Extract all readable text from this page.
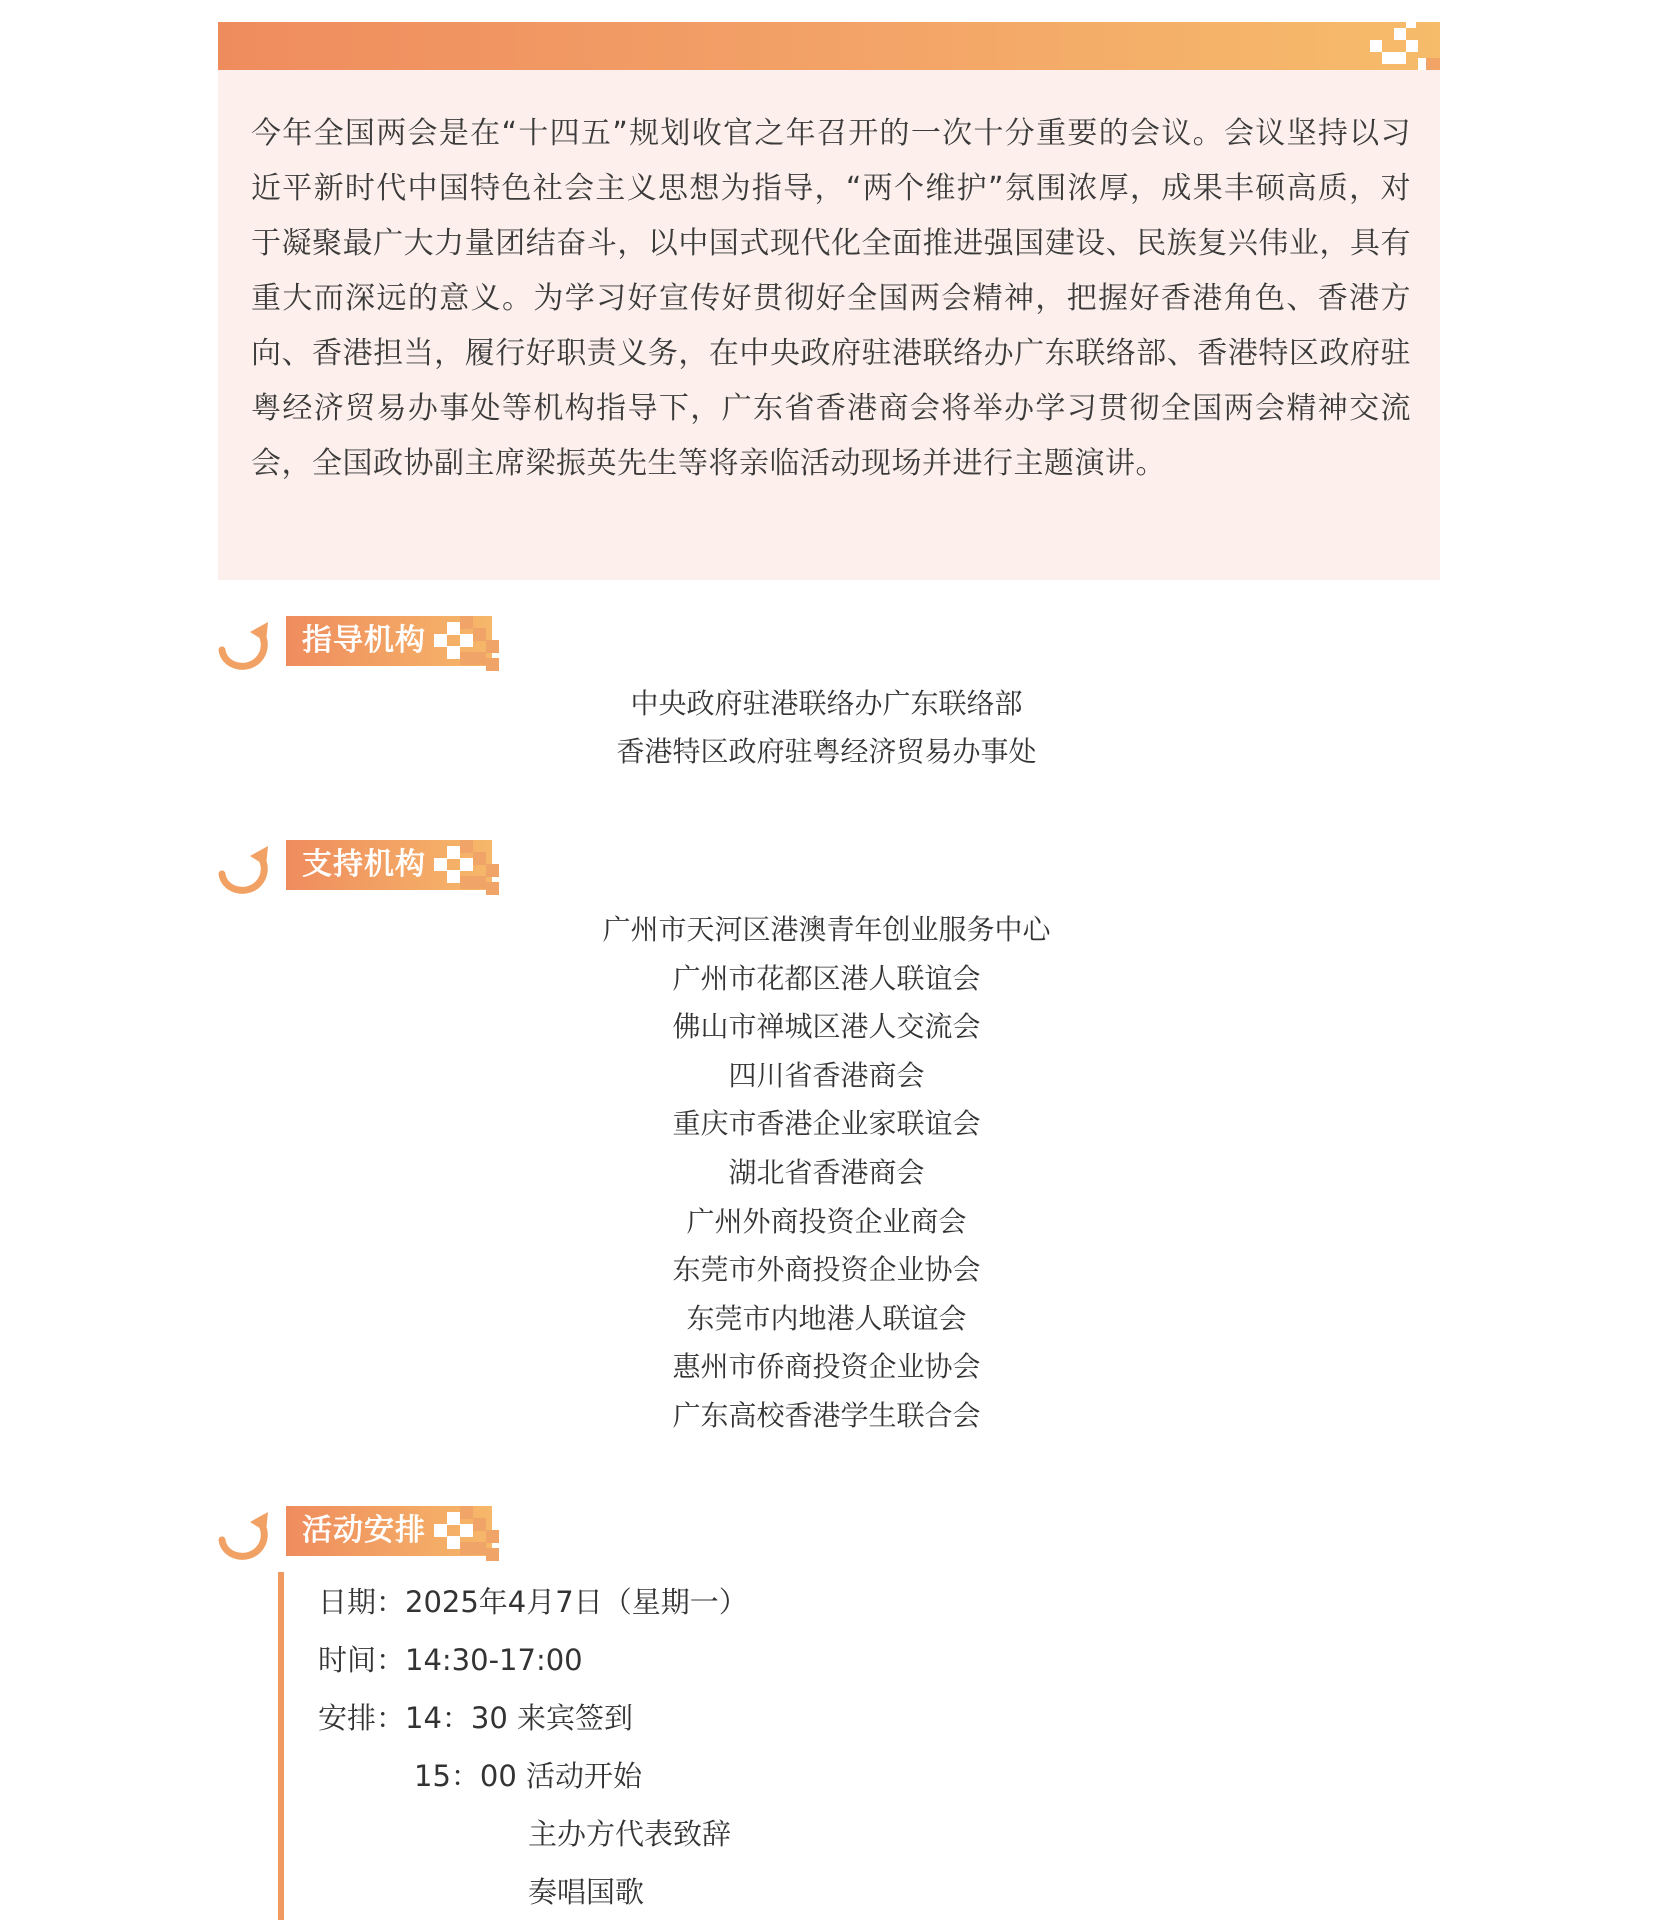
今年全国两会是在“十四五”规划收官之年召开的一次十分重要的会议。会议坚持以习近平新时代中国特色社会主义思想为指导，“两个维护”氛围浓厚，成果丰硕高质，对于凝聚最广大力量团结奋斗，以中国式现代化全面推进强国建设、民族复兴伟业，具有重大而深远的意义。为学习好宣传好贯彻好全国两会精神，把握好香港角色、香港方向、香港担当，履行好职责义务，在中央政府驻港联络办广东联络部、香港特区政府驻粤经济贸易办事处等机构指导下，广东省香港商会将举办学习贯彻全国两会精神交流会，全国政协副主席梁振英先生等将亲临活动现场并进行主题演讲。

指导机构
中央政府驻港联络办广东联络部
香港特区政府驻粤经济贸易办事处
支持机构
广州市天河区港澳青年创业服务中心
广州市花都区港人联谊会
佛山市禅城区港人交流会
四川省香港商会
重庆市香港企业家联谊会
湖北省香港商会
广州外商投资企业商会
东莞市外商投资企业协会
东莞市内地港人联谊会
惠州市侨商投资企业协会
广东高校香港学生联合会
活动安排
日期：2025年4月7日（星期一）
时间：14:30-17:00
安排：14：30 来宾签到
15：00 活动开始
主办方代表致辞
奏唱国歌
